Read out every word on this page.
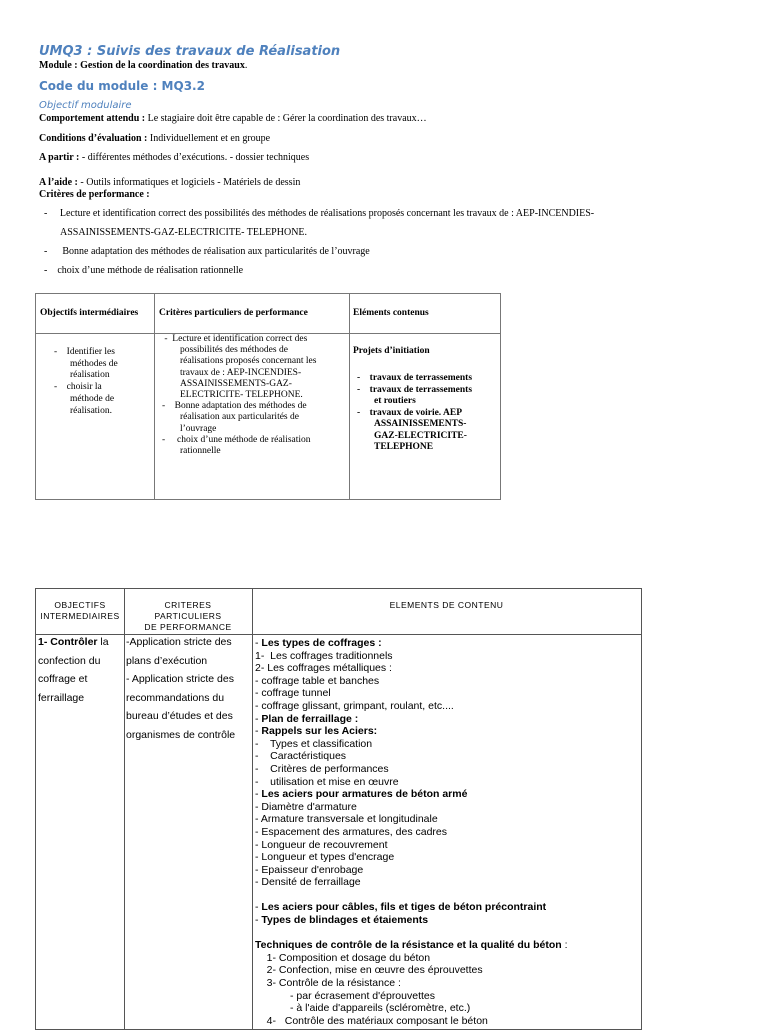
UMQ3 : Suivis des travaux de Réalisation
Module : Gestion de la coordination des travaux.
Code du module : MQ3.2
Objectif modulaire
Comportement attendu : Le stagiaire doit être capable de : Gérer la coordination des travaux…
Conditions d’évaluation : Individuellement et en groupe
A partir : - différentes méthodes d’exécutions. - dossier techniques
A l’aide : - Outils informatiques et logiciels - Matériels de dessin
Critères de performance :
-     Lecture et identification correct des possibilités des méthodes de réalisations proposés concernant les travaux de : AEP-INCENDIES-
ASSAINISSEMENTS-GAZ-ELECTRICITE- TELEPHONE.
-      Bonne adaptation des méthodes de réalisation aux particularités de l’ouvrage
-    choix d’une méthode de réalisation rationnelle
Objectifs intermédiaires Critères particuliers de performance	Eléments contenus
-    Identifier les
méthodes de
réalisation
-    choisir la
méthode de
réalisation.
-  Lecture et identification correct des
possibilités des méthodes de
réalisations proposés concernant les
travaux de : AEP-INCENDIES-
ASSAINISSEMENTS-GAZ-
ELECTRICITE- TELEPHONE.
-    Bonne adaptation des méthodes de
réalisation aux particularités de
l’ouvrage
-     choix d’une méthode de réalisation
rationnelle
Projets d’initiation
-    travaux de terrassements
-    travaux de terrassements
et routiers
-    travaux de voirie. AEP
ASSAINISSEMENTS-
GAZ-ELECTRICITE-
TELEPHONE
OBJECTIFS
INTERMEDIAIRES
CRITERES
PARTICULIERS
DE PERFORMANCE
ELEMENTS DE CONTENU
1- Contrôler la
confection du
coffrage et
ferraillage
-Application stricte des
plans d’exécution
- Application stricte des
recommandations du
bureau d’études et des
organismes de contrôle
- Les types de coffrages :
1-  Les coffrages traditionnels
2- Les coffrages métalliques :
- coffrage table et banches
- coffrage tunnel
- coffrage glissant, grimpant, roulant, etc....
- Plan de ferraillage :
- Rappels sur les Aciers:
-    Types et classification
-    Caractéristiques
-    Critères de performances
-    utilisation et mise en œuvre
- Les aciers pour armatures de béton armé
- Diamètre d'armature
- Armature transversale et longitudinale
- Espacement des armatures, des cadres
- Longueur de recouvrement
- Longueur et types d'encrage
- Epaisseur d'enrobage
- Densité de ferraillage
- Les aciers pour câbles, fils et tiges de béton précontraint
- Types de blindages et étaiements
Techniques de contrôle de la résistance et la qualité du béton :
1- Composition et dosage du béton
2- Confection, mise en œuvre des éprouvettes
3- Contrôle de la résistance :
- par écrasement d'éprouvettes
- à l'aide d'appareils (scléromètre, etc.)
4-   Contrôle des matériaux composant le béton
